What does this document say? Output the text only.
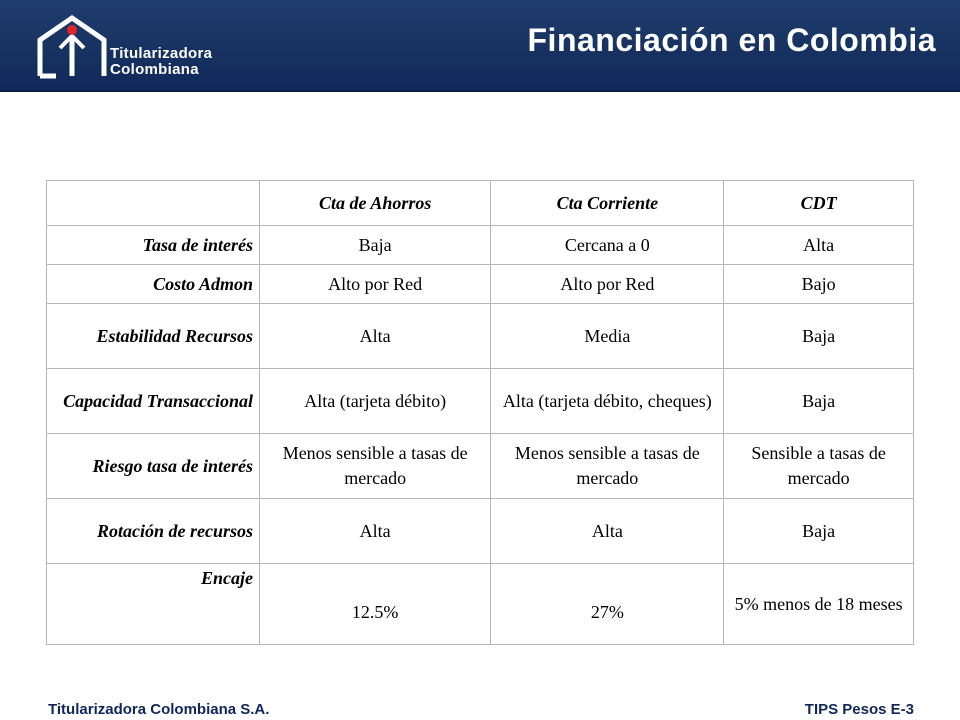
Titularizadora
Colombiana
Financiación en Colombia
	Cta de Ahorros	Cta Corriente	CDT
Tasa de interés	Baja	Cercana a 0	Alta
Costo Admon	Alto por Red	Alto por Red	Bajo
Estabilidad Recursos	Alta	Media	Baja
Capacidad Transaccional	Alta (tarjeta débito)	Alta (tarjeta débito, cheques)	Baja
Riesgo tasa de interés	Menos sensible a tasas de mercado	Menos sensible a tasas de mercado	Sensible a tasas de mercado
Rotación de recursos	Alta	Alta	Baja
Encaje	12.5%	27%	5% menos de 18 meses
Titularizadora Colombiana S.A.	TIPS Pesos E-3
